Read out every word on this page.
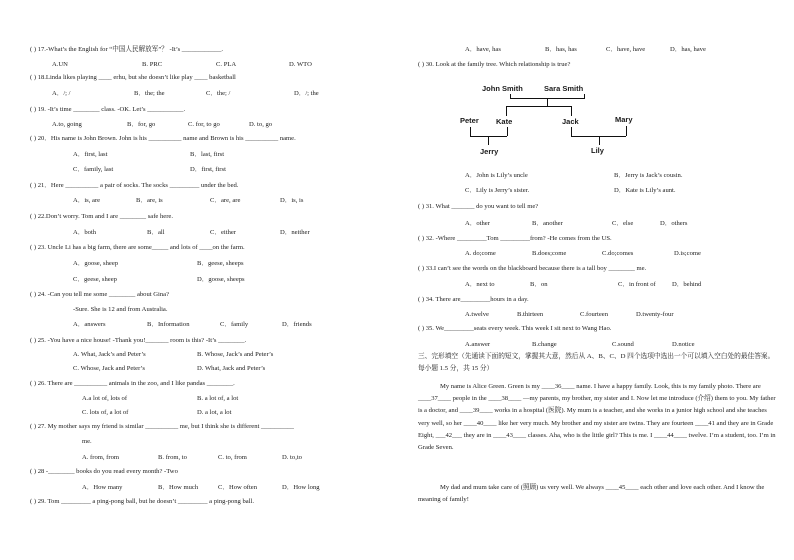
( ) 17.-What’s the English for “中国人民解放军”？ -It’s ____________.
A.UN	B. PRC	C. PLA	D. WTO
( ) 18.Linda likes playing ____ erhu, but she doesn’t like play ____ basketball
A．/; /	B．the; the	C．the; /	D．/; the
( ) 19. -It’s time ________ class. -OK. Let’s ___________.
A.to, going	B．for, go	C. for, to go	D. to, go
( ) 20．His name is John Brown. John is his __________ name and Brown is his __________ name.
A．first, last	B．last, first
C．family, last	D．first, first
( ) 21．Here __________ a pair of socks. The socks _________ under the bed.
A．is, are	B．are, is	C．are, are	D．is, is
( ) 22.Don’t worry. Tom and I are ________ safe here.
A．both	B．all	C．either	D．neither
( ) 23. Uncle Li has a big farm, there are some_____ and lots of ____on the farm.
A．goose, sheep	B．geese, sheeps
C．geese, sheep	D．goose, sheeps
( ) 24. -Can you tell me some ________ about Gina?
-Sure. She is 12 and from Australia.
A．answers	B．Information	C．family	D．friends
( ) 25. -You have a nice house! -Thank you!_______ room is this? -It’s ________.
A. What, Jack’s and Peter’s	B. Whose, Jack’s and Peter’s
C. Whose, Jack and Peter’s	D. What, Jack and Peter’s
( ) 26. There are __________ animals in the zoo, and I like pandas ________.
A.a lot of, lots of	B. a lot of, a lot
C. lots of, a lot of	D. a lot, a lot
( ) 27. My mother says my friend is similar __________ me, but I think she is different __________
me.
A. from, from	B. from, to	C. to, from	D. to,to
( ) 28 -________ books do you read every month? -Two
A．How many	B．How much	C．How often	D．How long
( ) 29. Tom _________ a ping-pong ball, but he doesn’t _________ a ping-pong ball.
A．have, has	B．has, has	C．have, have	D．has, have
( ) 30. Look at the family tree. Which relationship is true?
John Smith	Sara Smith
Peter Kate	Jack	Mary
Jerry	Lily
A．John is Lily’s uncle	B．Jerry is Jack’s cousin.
C．Lily is Jerry’s sister.	D．Kate is Lily’s aunt.
( ) 31. What _______ do you want to tell me?
A．other	B．another	C．else	D．others
( ) 32. -Where _________Tom _________from? -He comes from the US.
A. do;come	B.does;come	C.do;comes	D.is;come
( ) 33.I can’t see the words on the blackboard because there is a tall boy ________ me.
A．next to	B．on	C．in front of D．behind
( ) 34. There are_________hours in a day.
A.twelve	B.thirteen	C.fourteen	D.twenty-four
( ) 35. We_________seats every week. This week I sit next to Wang Hao.
A.answer	B.change	C.sound	D.notice
三、完形填空（先通读下面的短文，掌握其大意，然后从 A、B、C、D 四个选项中选出一个可以填入空白处的最佳答案。每小题 1.5 分，共 15 分）
My name is Alice Green. Green is my ____36____ name. I have a happy family. Look, this is my family photo. There are ____37____ people in the ____38____ —my parents, my brother, my sister and I. Now let me introduce (介绍) them to you. My father is a doctor, and ____39____ works in a hospital (医院). My mum is a teacher, and she works in a junior high school and she teaches very well, so her ____40____ like her very much. My brother and my sister are twins. They are fourteen ____41 and they are in Grade Eight, ___42___ they are in ____43____ classes. Aha, who is the little girl? This is me. I ____44____ twelve. I’m a student, too. I’m in Grade Seven.
My dad and mum take care of (照顾) us very well. We always ____45____ each other and love each other. And I know the meaning of family!
